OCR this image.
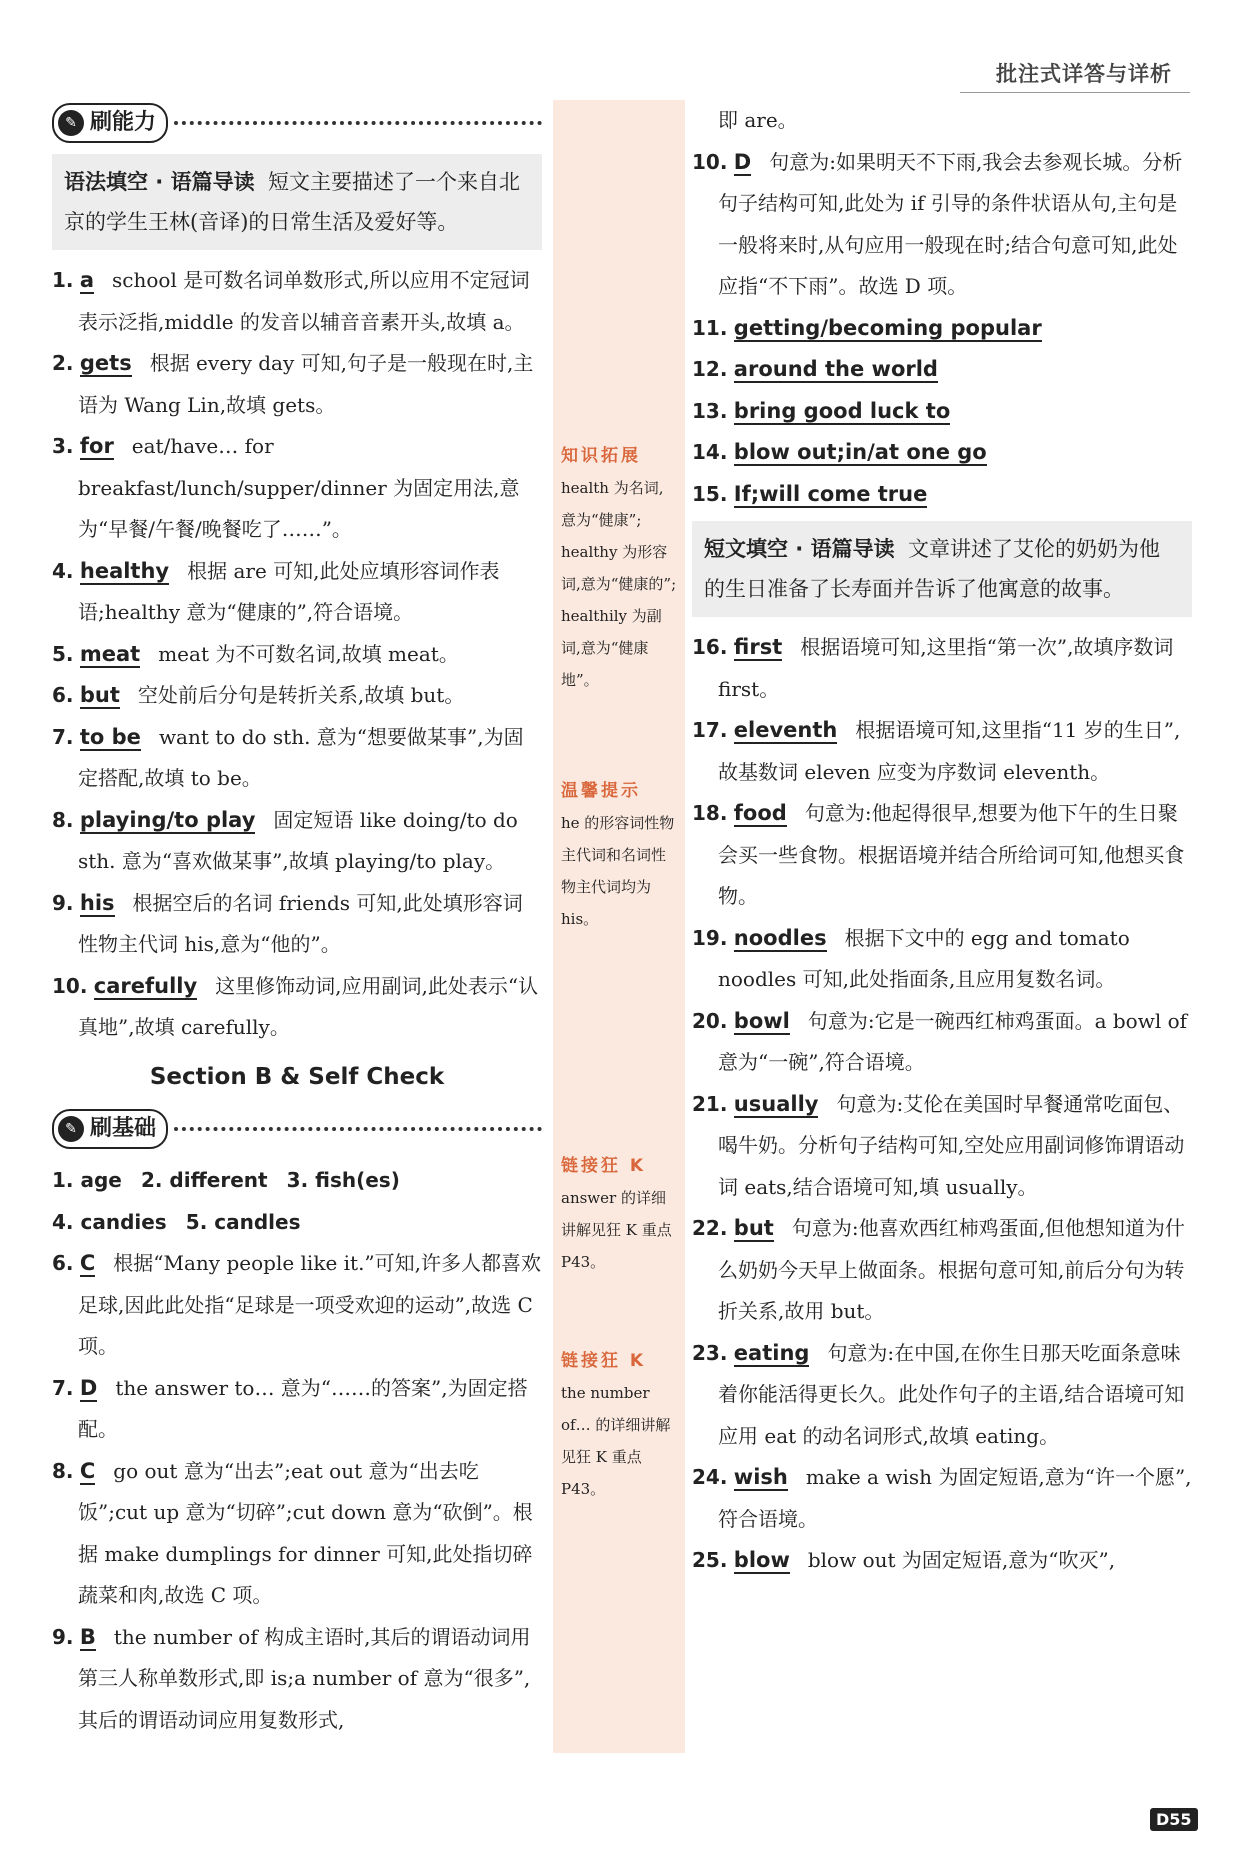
批注式详答与详析
✎ 刷能力
语法填空 · 语篇导读 短文主要描述了一个来自北京的学生王林(音译)的日常生活及爱好等。
1. a school 是可数名词单数形式,所以应用不定冠词表示泛指,middle 的发音以辅音音素开头,故填 a。
2. gets 根据 every day 可知,句子是一般现在时,主语为 Wang Lin,故填 gets。
3. for eat/have… for breakfast/lunch/supper/dinner 为固定用法,意为“早餐/午餐/晚餐吃了……”。
4. healthy 根据 are 可知,此处应填形容词作表语;healthy 意为“健康的”,符合语境。
5. meat meat 为不可数名词,故填 meat。
6. but 空处前后分句是转折关系,故填 but。
7. to be want to do sth. 意为“想要做某事”,为固定搭配,故填 to be。
8. playing/to play 固定短语 like doing/to do sth. 意为“喜欢做某事”,故填 playing/to play。
9. his 根据空后的名词 friends 可知,此处填形容词性物主代词 his,意为“他的”。
10. carefully 这里修饰动词,应用副词,此处表示“认真地”,故填 carefully。
Section B & Self Check
✎ 刷基础
1. age 2. different 3. fish(es)
4. candies 5. candles
6. C 根据“Many people like it.”可知,许多人都喜欢足球,因此此处指“足球是一项受欢迎的运动”,故选 C 项。
7. D the answer to… 意为“……的答案”,为固定搭配。
8. C go out 意为“出去”;eat out 意为“出去吃饭”;cut up 意为“切碎”;cut down 意为“砍倒”。根据 make dumplings for dinner 可知,此处指切碎蔬菜和肉,故选 C 项。
9. B the number of 构成主语时,其后的谓语动词用第三人称单数形式,即 is;a number of 意为“很多”,其后的谓语动词应用复数形式,
知识拓展
health 为名词,意为“健康”; healthy 为形容词,意为“健康的”; healthily 为副词,意为“健康地”。
温馨提示
he 的形容词性物主代词和名词性物主代词均为 his。
链接狂 K
answer 的详细讲解见狂 K 重点 P43。
链接狂 K
the number of… 的详细讲解见狂 K 重点 P43。
即 are。
10. D 句意为:如果明天不下雨,我会去参观长城。分析句子结构可知,此处为 if 引导的条件状语从句,主句是一般将来时,从句应用一般现在时;结合句意可知,此处应指“不下雨”。故选 D 项。
11. getting/becoming popular
12. around the world
13. bring good luck to
14. blow out;in/at one go
15. If;will come true
短文填空 · 语篇导读 文章讲述了艾伦的奶奶为他的生日准备了长寿面并告诉了他寓意的故事。
16. first 根据语境可知,这里指“第一次”,故填序数词 first。
17. eleventh 根据语境可知,这里指“11 岁的生日”,故基数词 eleven 应变为序数词 eleventh。
18. food 句意为:他起得很早,想要为他下午的生日聚会买一些食物。根据语境并结合所给词可知,他想买食物。
19. noodles 根据下文中的 egg and tomato noodles 可知,此处指面条,且应用复数名词。
20. bowl 句意为:它是一碗西红柿鸡蛋面。a bowl of 意为“一碗”,符合语境。
21. usually 句意为:艾伦在美国时早餐通常吃面包、喝牛奶。分析句子结构可知,空处应用副词修饰谓语动词 eats,结合语境可知,填 usually。
22. but 句意为:他喜欢西红柿鸡蛋面,但他想知道为什么奶奶今天早上做面条。根据句意可知,前后分句为转折关系,故用 but。
23. eating 句意为:在中国,在你生日那天吃面条意味着你能活得更长久。此处作句子的主语,结合语境可知应用 eat 的动名词形式,故填 eating。
24. wish make a wish 为固定短语,意为“许一个愿”,符合语境。
25. blow blow out 为固定短语,意为“吹灭”,
D55
